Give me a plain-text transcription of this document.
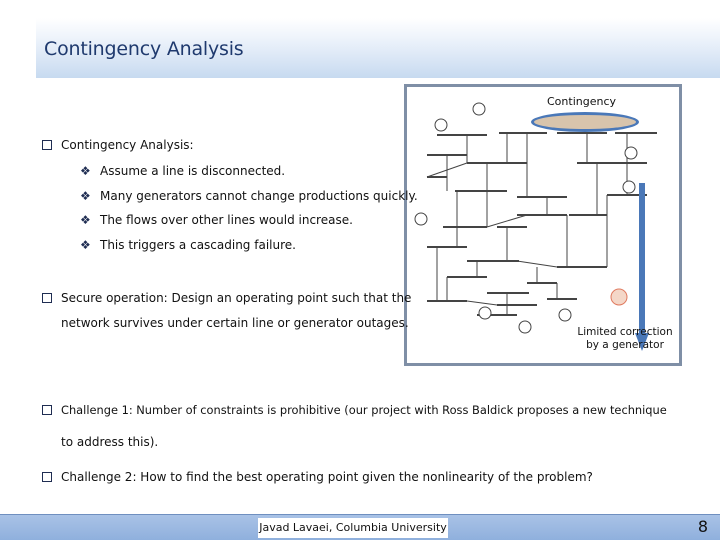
Contingency Analysis
Contingency
Limited correction by a generator
Contingency Analysis:
❖ Assume a line is disconnected.
❖ Many generators cannot change productions quickly.
❖ The flows over other lines would increase.
❖ This triggers a cascading failure.
Secure operation: Design an operating point such that the
network survives under certain line or generator outages.
Challenge 1: Number of constraints is prohibitive (our project with Ross Baldick proposes a new technique
to address this).
Challenge 2: How to find the best operating point given the nonlinearity of the problem?
Javad Lavaei, Columbia University	8
